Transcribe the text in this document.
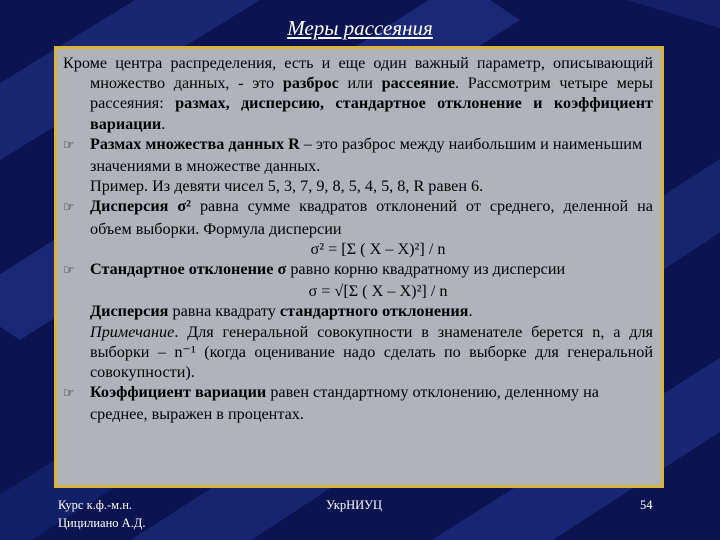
Меры рассеяния

Кроме центра распределения, есть и еще один важный параметр, описывающий множество данных, - это разброс или рассеяние. Рассмотрим четыре меры рассеяния: размах, дисперсию, стандартное отклонение и коэффициент вариации.

☞ Размах множества данных R – это разброс между наибольшим и наименьшим значениями в множестве данных.

Пример. Из девяти чисел 5, 3, 7, 9, 8, 5, 4, 5, 8, R равен 6.

☞ Дисперсия σ² равна сумме квадратов отклонений от среднего, деленной на объем выборки. Формула дисперсии

σ² = [Σ ( X – X)²] / n

☞ Стандартное отклонение σ равно корню квадратному из дисперсии

σ = √[Σ ( X – X)²] / n

Дисперсия равна квадрату стандартного отклонения.

Примечание. Для генеральной совокупности в знаменателе берется n, а для выборки – n⁻¹ (когда оценивание надо сделать по выборке для генеральной совокупности).

☞ Коэффициент вариации равен стандартному отклонению, деленному на среднее, выражен в процентах.

Курс к.ф.-м.н.
Цицилиано А.Д.
УкрНИУЦ	54
